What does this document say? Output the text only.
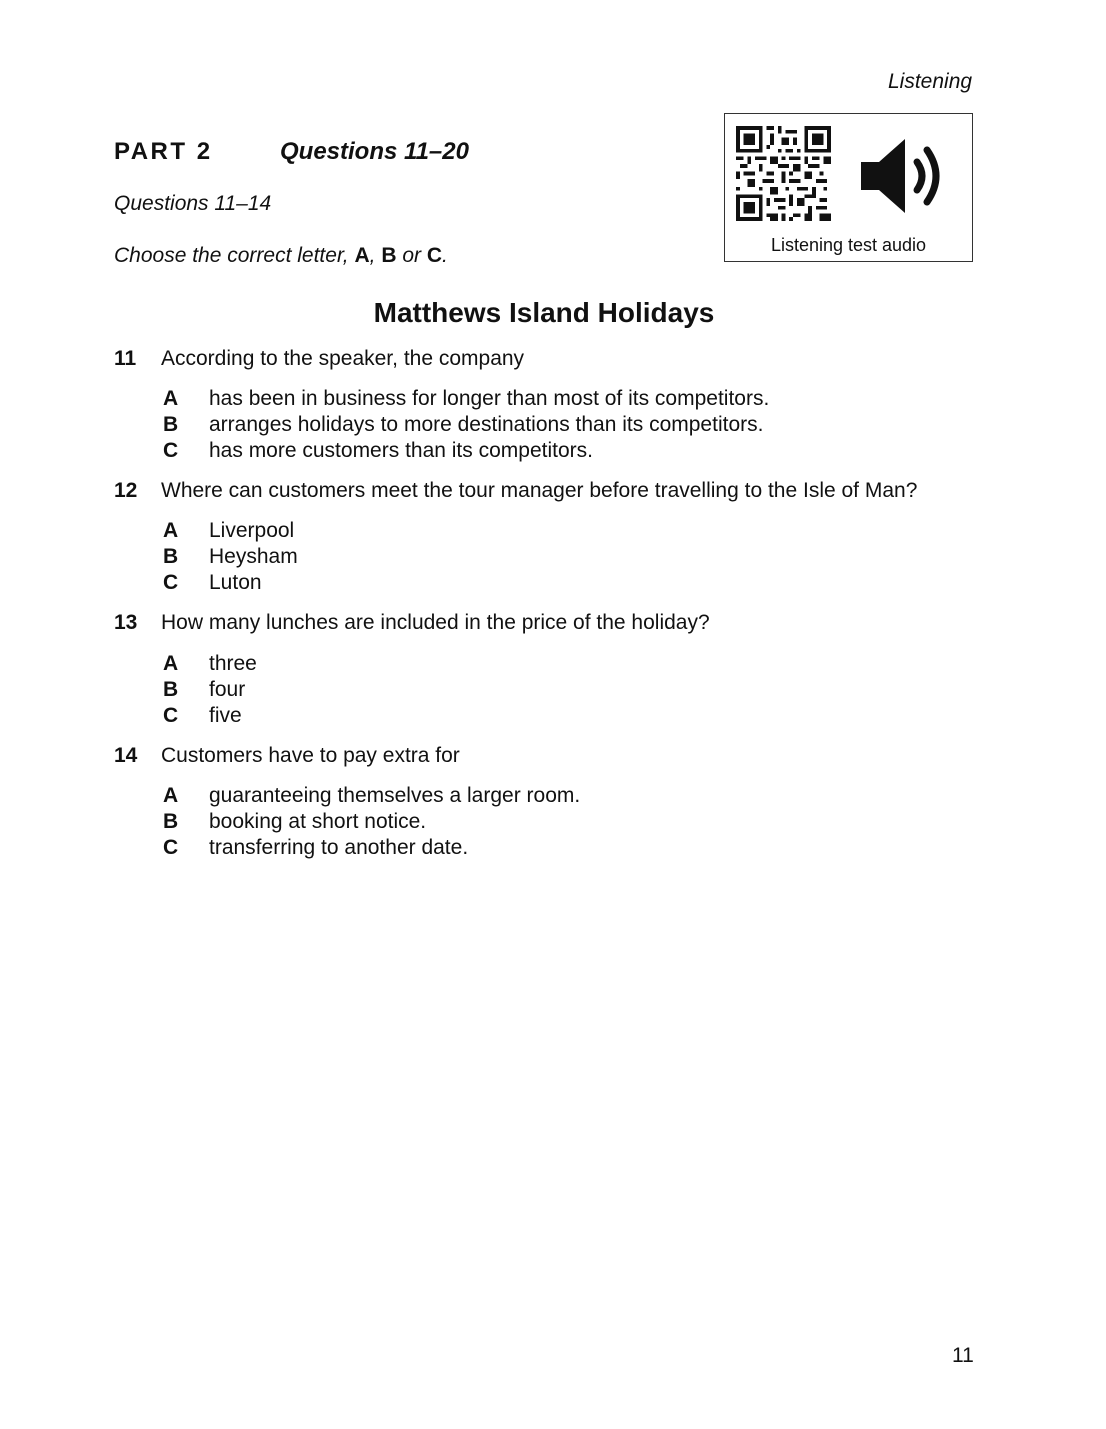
Listening
PART 2	Questions 11–20
Questions 11–14
Choose the correct letter, A, B or C.	Listening test audio
Matthews Island Holidays
11 According to the speaker, the company
A has been in business for longer than most of its competitors.
B arranges holidays to more destinations than its competitors.
C has more customers than its competitors.
12 Where can customers meet the tour manager before travelling to the Isle of Man?
A Liverpool
B Heysham
C Luton
13 How many lunches are included in the price of the holiday?
A three
B four
C five
14 Customers have to pay extra for
A guaranteeing themselves a larger room.
B booking at short notice.
C transferring to another date.
11
